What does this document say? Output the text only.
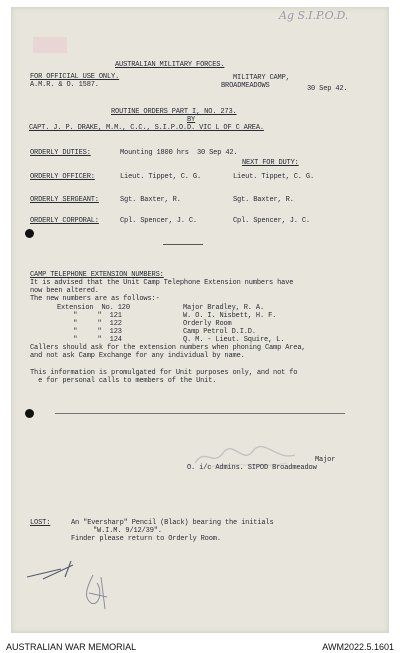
Ag S.I.P.O.D.
AUSTRALIAN MILITARY FORCES.
FOR OFFICIAL USE ONLY.
A.M.R. & O. 1587.
MILITARY CAMP,
BROADMEADOWS	30 Sep 42.
ROUTINE ORDERS PART I, NO. 273.
BY
CAPT. J. P. DRAKE, M.M., C.C., S.I.P.O.D. VIC L OF C AREA.
ORDERLY DUTIES:	Mounting 1800 hrs  30 Sep 42.
NEXT FOR DUTY:
ORDERLY OFFICER:	Lieut. Tippet, C. G.	Lieut. Tippet, C. G.
ORDERLY SERGEANT:	Sgt. Baxter, R.	Sgt. Baxter, R.
ORDERLY CORPORAL:	Cpl. Spencer, J. C.	Cpl. Spencer, J. C.
CAMP TELEPHONE EXTENSION NUMBERS:
It is advised that the Unit Camp Telephone Extension numbers have
now been altered.
The new numbers are as follows:-
Extension  No. 120	Major Bradley, R. A.
"     "  121	W. O. I. Nisbett, H. F.
"     "  122	Orderly Room
"     "  123	Camp Petrol D.I.D.
"     "  124	Q. M. - Lieut. Squire, L.
Callers should ask for the extension numbers when phoning Camp Area,
and not ask Camp Exchange for any individual by name.
This information is promulgated for Unit purposes only, and not fo
e for personal calls to members of the Unit.
Major
O. i/c Admins. SIPOD Broadmeadow
LOST:	An "Eversharp" Pencil (Black) bearing the initials
"W.I.M. 9/12/39".
Finder please return to Orderly Room.
AUSTRALIAN WAR MEMORIAL	AWM2022.5.1601
